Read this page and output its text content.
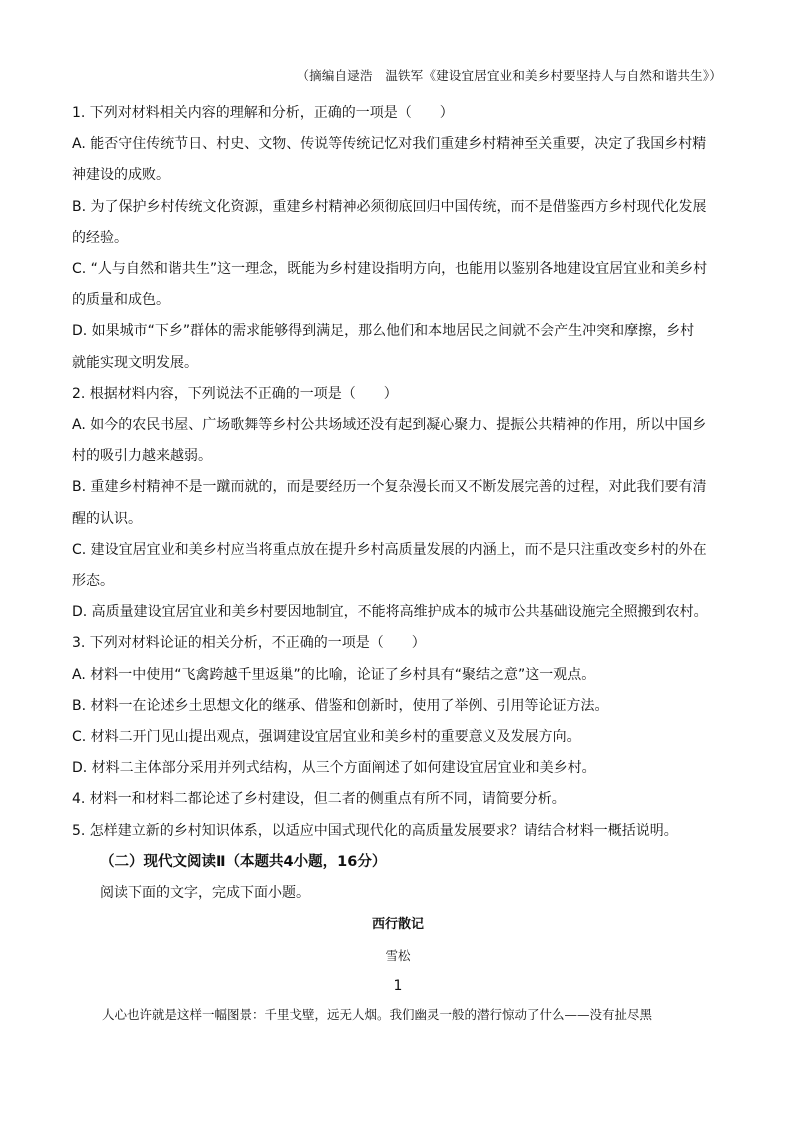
（摘编自逯浩　温铁军《建设宜居宜业和美乡村要坚持人与自然和谐共生》）
1. 下列对材料相关内容的理解和分析，正确的一项是（　　）
A. 能否守住传统节日、村史、文物、传说等传统记忆对我们重建乡村精神至关重要，决定了我国乡村精
神建设的成败。
B. 为了保护乡村传统文化资源，重建乡村精神必须彻底回归中国传统，而不是借鉴西方乡村现代化发展
的经验。
C. “人与自然和谐共生”这一理念，既能为乡村建设指明方向，也能用以鉴别各地建设宜居宜业和美乡村
的质量和成色。
D. 如果城市“下乡”群体的需求能够得到满足，那么他们和本地居民之间就不会产生冲突和摩擦，乡村
就能实现文明发展。
2. 根据材料内容，下列说法不正确的一项是（　　）
A. 如今的农民书屋、广场歌舞等乡村公共场域还没有起到凝心聚力、提振公共精神的作用，所以中国乡
村的吸引力越来越弱。
B. 重建乡村精神不是一蹴而就的，而是要经历一个复杂漫长而又不断发展完善的过程，对此我们要有清
醒的认识。
C. 建设宜居宜业和美乡村应当将重点放在提升乡村高质量发展的内涵上，而不是只注重改变乡村的外在
形态。
D. 高质量建设宜居宜业和美乡村要因地制宜，不能将高维护成本的城市公共基础设施完全照搬到农村。
3. 下列对材料论证的相关分析，不正确的一项是（　　）
A. 材料一中使用“飞禽跨越千里返巢”的比喻，论证了乡村具有“聚结之意”这一观点。
B. 材料一在论述乡土思想文化的继承、借鉴和创新时，使用了举例、引用等论证方法。
C. 材料二开门见山提出观点，强调建设宜居宜业和美乡村的重要意义及发展方向。
D. 材料二主体部分采用并列式结构，从三个方面阐述了如何建设宜居宜业和美乡村。
4. 材料一和材料二都论述了乡村建设，但二者的侧重点有所不同，请简要分析。
5. 怎样建立新的乡村知识体系，以适应中国式现代化的高质量发展要求？请结合材料一概括说明。
（二）现代文阅读Ⅱ（本题共4小题，16分）
阅读下面的文字，完成下面小题。
西行散记
雪松
1
人心也许就是这样一幅图景：千里戈壁，远无人烟。我们幽灵一般的潜行惊动了什么——没有扯尽黑
